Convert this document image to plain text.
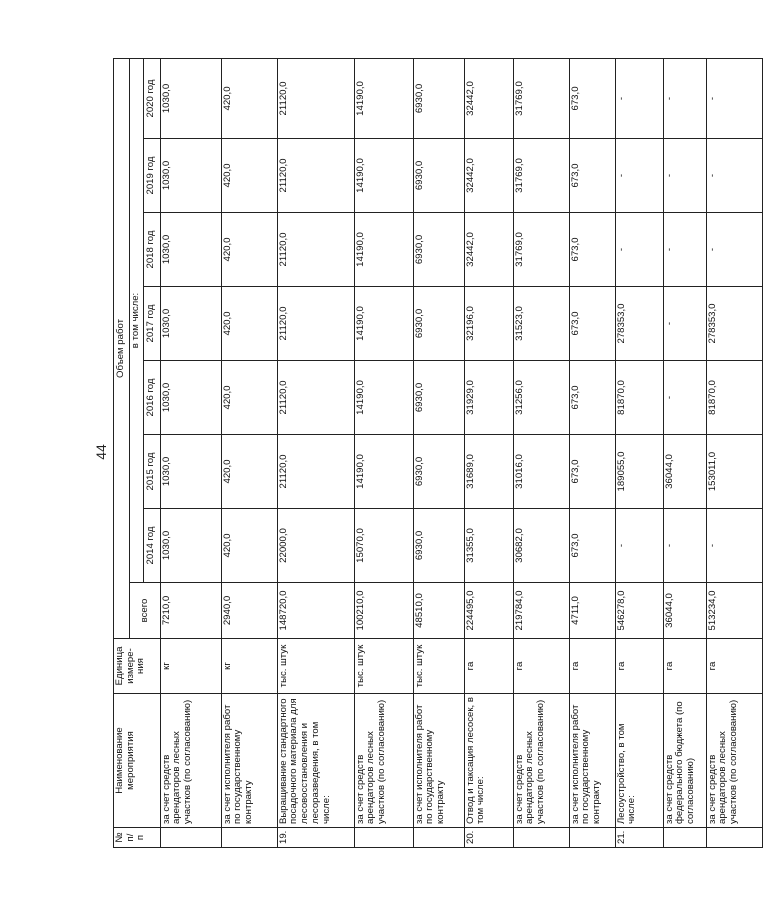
44
№ п/п	Наименование мероприятия	Единица измере-ния	Объем работ							
			всего	в том числе:						
				2014 год	2015 год	2016 год	2017 год	2018 год	2019 год	2020 год
	за счет средств арендаторов лесных участков (по согласованию)	кг	7210,0	1030,0	1030,0	1030,0	1030,0	1030,0	1030,0	1030,0
	за счет исполнителя работ по государственному контракту	кг	2940,0	420,0	420,0	420,0	420,0	420,0	420,0	420,0
19.	Выращивание стандартного посадочного материала для лесовосстановления и лесоразведения, в том числе:	тыс. штук	148720,0	22000,0	21120,0	21120,0	21120,0	21120,0	21120,0	21120,0
	за счет средств арендаторов лесных участков (по согласованию)	тыс. штук	100210,0	15070,0	14190,0	14190,0	14190,0	14190,0	14190,0	14190,0
	за счет исполнителя работ по государственному контракту	тыс. штук	48510,0	6930,0	6930,0	6930,0	6930,0	6930,0	6930,0	6930,0
20.	Отвод и таксация лесосек, в том числе:	га	224495,0	31355,0	31689,0	31929,0	32196,0	32442,0	32442,0	32442,0
	за счет средств арендаторов лесных участков (по согласованию)	га	219784,0	30682,0	31016,0	31256,0	31523,0	31769,0	31769,0	31769,0
	за счет исполнителя работ по государственному контракту	га	4711,0	673,0	673,0	673,0	673,0	673,0	673,0	673,0
21.	Лесоустройство, в том числе:	га	546278,0	-	189055,0	81870,0	278353,0	-	-	-
	за счет средств федерального бюджета (по согласованию)	га	36044,0	-	36044,0	-	-	-	-	-
	за счет средств арендаторов лесных участков (по согласованию)	га	513234,0	-	153011,0	81870,0	278353,0	-	-	-
